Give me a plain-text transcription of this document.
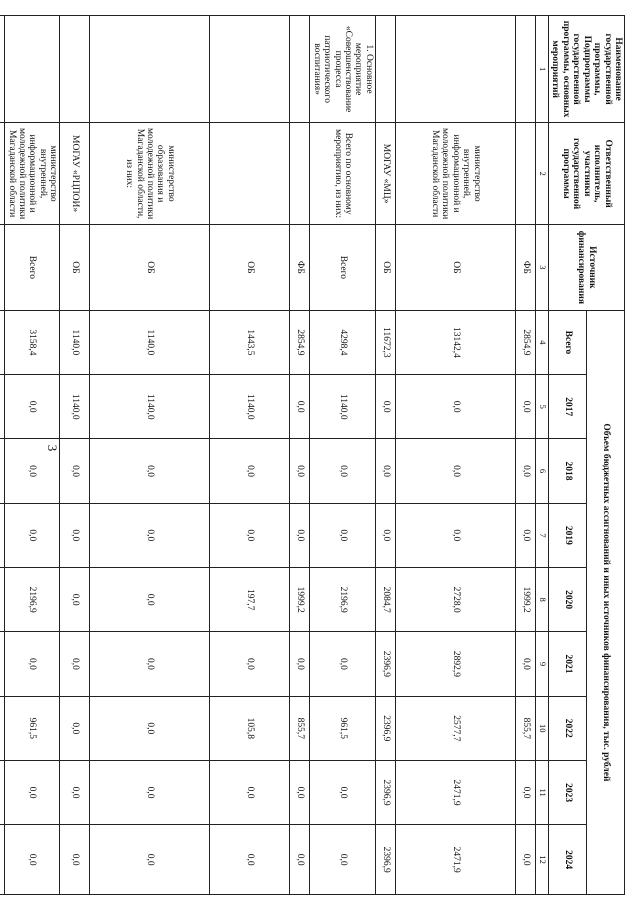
3
Наименование государственной программы, Подпрограммы государственной программы, основных мероприятий	Ответственный исполнитель, участники государственной программы	Источник финансирования	Объем бюджетных ассигнований и иных источников финансирования, тыс. рублей								
			Всего	2017	2018	2019	2020	2021	2022	2023	2024
1	2	3	4	5	6	7	8	9	10	11	12
		ФБ	2854,9	0,0	0,0	0,0	1999,2	0,0	855,7	0,0	0,0
	министерство внутренней, информационной и молодежной политики Магаданской области	ОБ	13142,4	0,0	0,0	0,0	2728,0	2892,9	2577,7	2471,9	2471,9
	МОГАУ «МЦ»	ОБ	11672,3	0,0	0,0	0,0	2084,7	2396,9	2396,9	2396,9	2396,9
1. Основное мероприятие «Совершенствование процесса патриотического воспитания»	Всего по основному мероприятию, из них:	Всего	4298,4	1140,0	0,0	0,0	2196,9	0,0	961,5	0,0	0,0
		ФБ	2854,9	0,0	0,0	0,0	1999,2	0,0	855,7	0,0	0,0
		ОБ	1443,5	1140,0	0,0	0,0	197,7	0,0	105,8	0,0	0,0
	министерство образования и молодежной политики Магаданской области, из них:	ОБ	1140,0	1140,0	0,0	0,0	0,0	0,0	0,0	0,0	0,0
	МОГАУ «РЦПОИ»	ОБ	1140,0	1140,0	0,0	0,0	0,0	0,0	0,0	0,0	0,0
	министерство внутренней, информационной и молодежной политики Магаданской области	Всего	3158,4	0,0	0,0	0,0	2196,9	0,0	961,5	0,0	0,0
